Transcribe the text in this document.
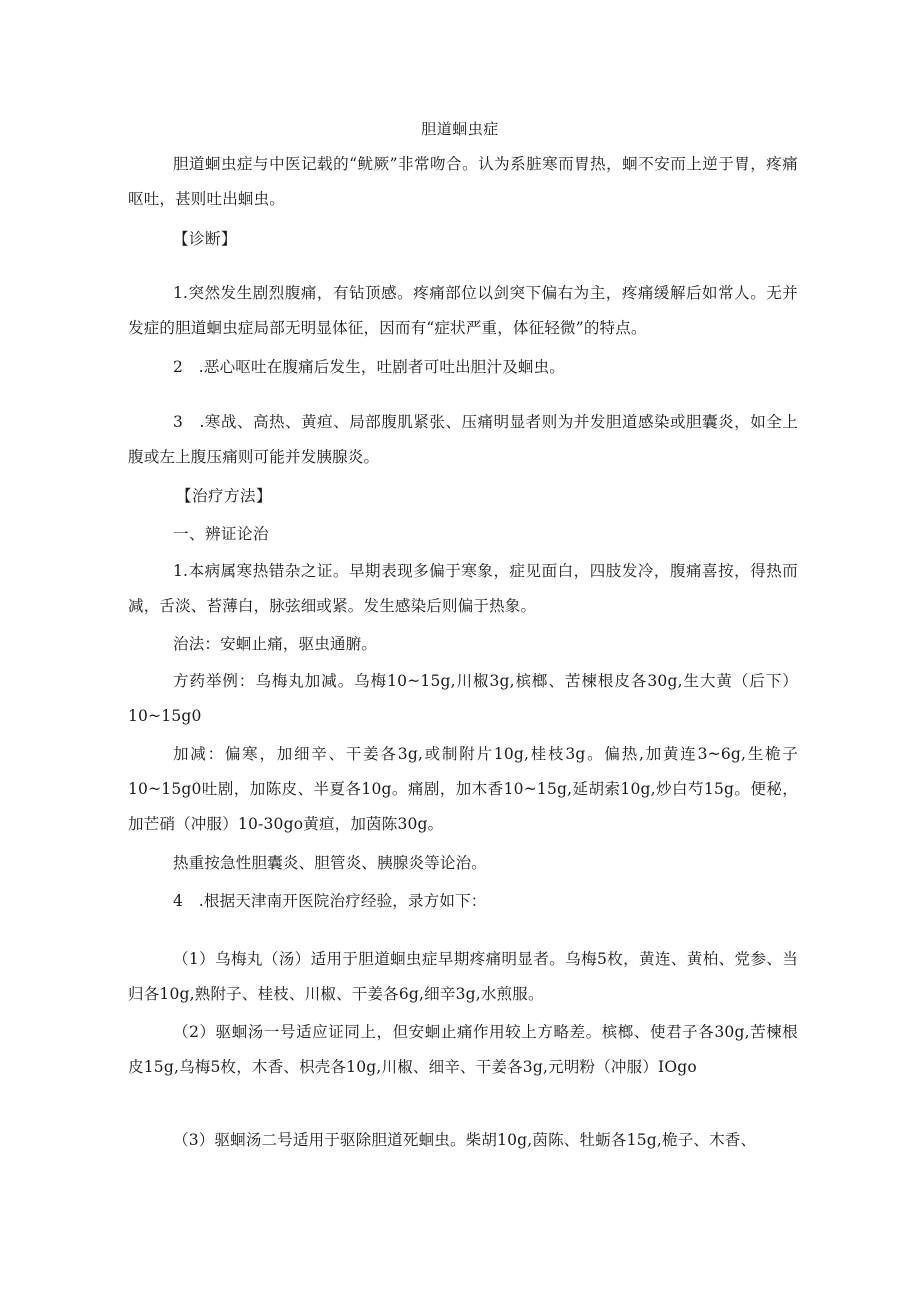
胆道蛔虫症

胆道蛔虫症与中医记载的“鱿厥”非常吻合。认为系脏寒而胃热，蛔不安而上逆于胃，疼痛呕吐，甚则吐出蛔虫。

【诊断】

1.突然发生剧烈腹痛，有钻顶感。疼痛部位以剑突下偏右为主，疼痛缓解后如常人。无并发症的胆道蛔虫症局部无明显体征，因而有“症状严重，体征轻微”的特点。

2　.恶心呕吐在腹痛后发生，吐剧者可吐出胆汁及蛔虫。

3　.寒战、高热、黄疸、局部腹肌紧张、压痛明显者则为并发胆道感染或胆囊炎，如全上腹或左上腹压痛则可能并发胰腺炎。

【治疗方法】

一、辨证论治

1.本病属寒热错杂之证。早期表现多偏于寒象，症见面白，四肢发冷，腹痛喜按，得热而减，舌淡、苔薄白，脉弦细或紧。发生感染后则偏于热象。

治法：安蛔止痛，驱虫通腑。

方药举例：乌梅丸加减。乌梅10~15g,川椒3g,槟榔、苦楝根皮各30g,生大黄（后下）10~15g0

加减：偏寒，加细辛、干姜各3g,或制附片10g,桂枝3g。偏热,加黄连3~6g,生桅子10~15g0吐剧，加陈皮、半夏各10g。痛剧，加木香10~15g,延胡索10g,炒白芍15g。便秘，加芒硝（冲服）10-30go黄疸，加茵陈30g。

热重按急性胆囊炎、胆管炎、胰腺炎等论治。

4　.根据天津南开医院治疗经验，录方如下：

（1）乌梅丸（汤）适用于胆道蛔虫症早期疼痛明显者。乌梅5枚，黄连、黄柏、党参、当归各10g,熟附子、桂枝、川椒、干姜各6g,细辛3g,水煎服。

（2）驱蛔汤一号适应证同上，但安蛔止痛作用较上方略差。槟榔、使君子各30g,苦楝根皮15g,乌梅5枚，木香、枳壳各10g,川椒、细辛、干姜各3g,元明粉（冲服）IOgo

（3）驱蛔汤二号适用于驱除胆道死蛔虫。柴胡10g,茵陈、牡蛎各15g,桅子、木香、
